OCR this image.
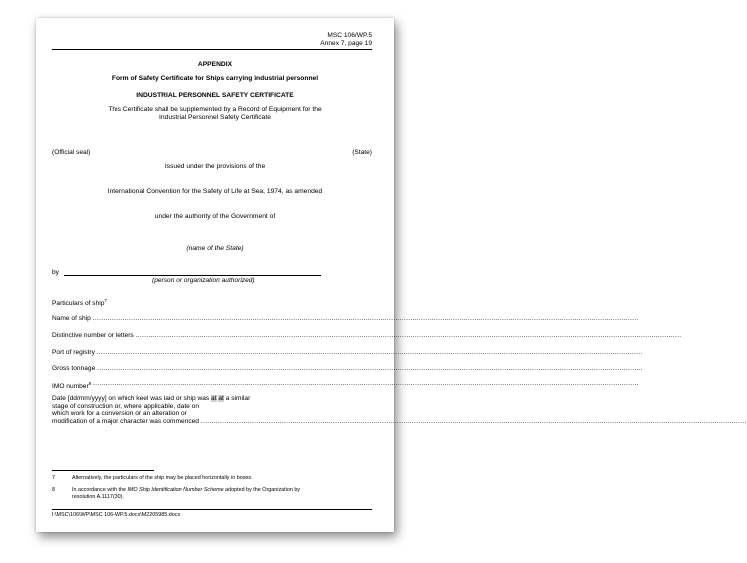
MSC 106/WP.5
Annex 7, page 19
APPENDIX
Form of Safety Certificate for Ships carrying industrial personnel
INDUSTRIAL PERSONNEL SAFETY CERTIFICATE
This Certificate shall be supplemented by a Record of Equipment for the
Industrial Personnel Safety Certificate
(Official seal)	(State)
Issued under the provisions of the
International Convention for the Safety of Life at Sea, 1974, as amended
under the authority of the Government of
(name of the State)
by
(person or organization authorized)
Particulars of ship$^7$
Name of ship
................................................................................................................................................................................................................................................................
Distinctive number or letters
................................................................................................................................................................................................................................................................
Port of registry
................................................................................................................................................................................................................................................................
Gross tonnage
................................................................................................................................................................................................................................................................
IMO number$^8$
................................................................................................................................................................................................................................................................
Date [dd/mm/yyyy] on which keel was laid or ship was at at a similar
stage of construction or, where applicable, date on
which work for a conversion or an alteration or
modification of a major character was commenced
................................................................................................................................................................................................................................................................
7	Alternatively, the particulars of the ship may be placed horizontally in boxes.
8	In accordance with the IMO Ship Identification Number Scheme adopted by the Organization by
resolution A.1117(30).
I:\MSC\106\WP\MSC 106-WP.5.docx\M2205985.docx
